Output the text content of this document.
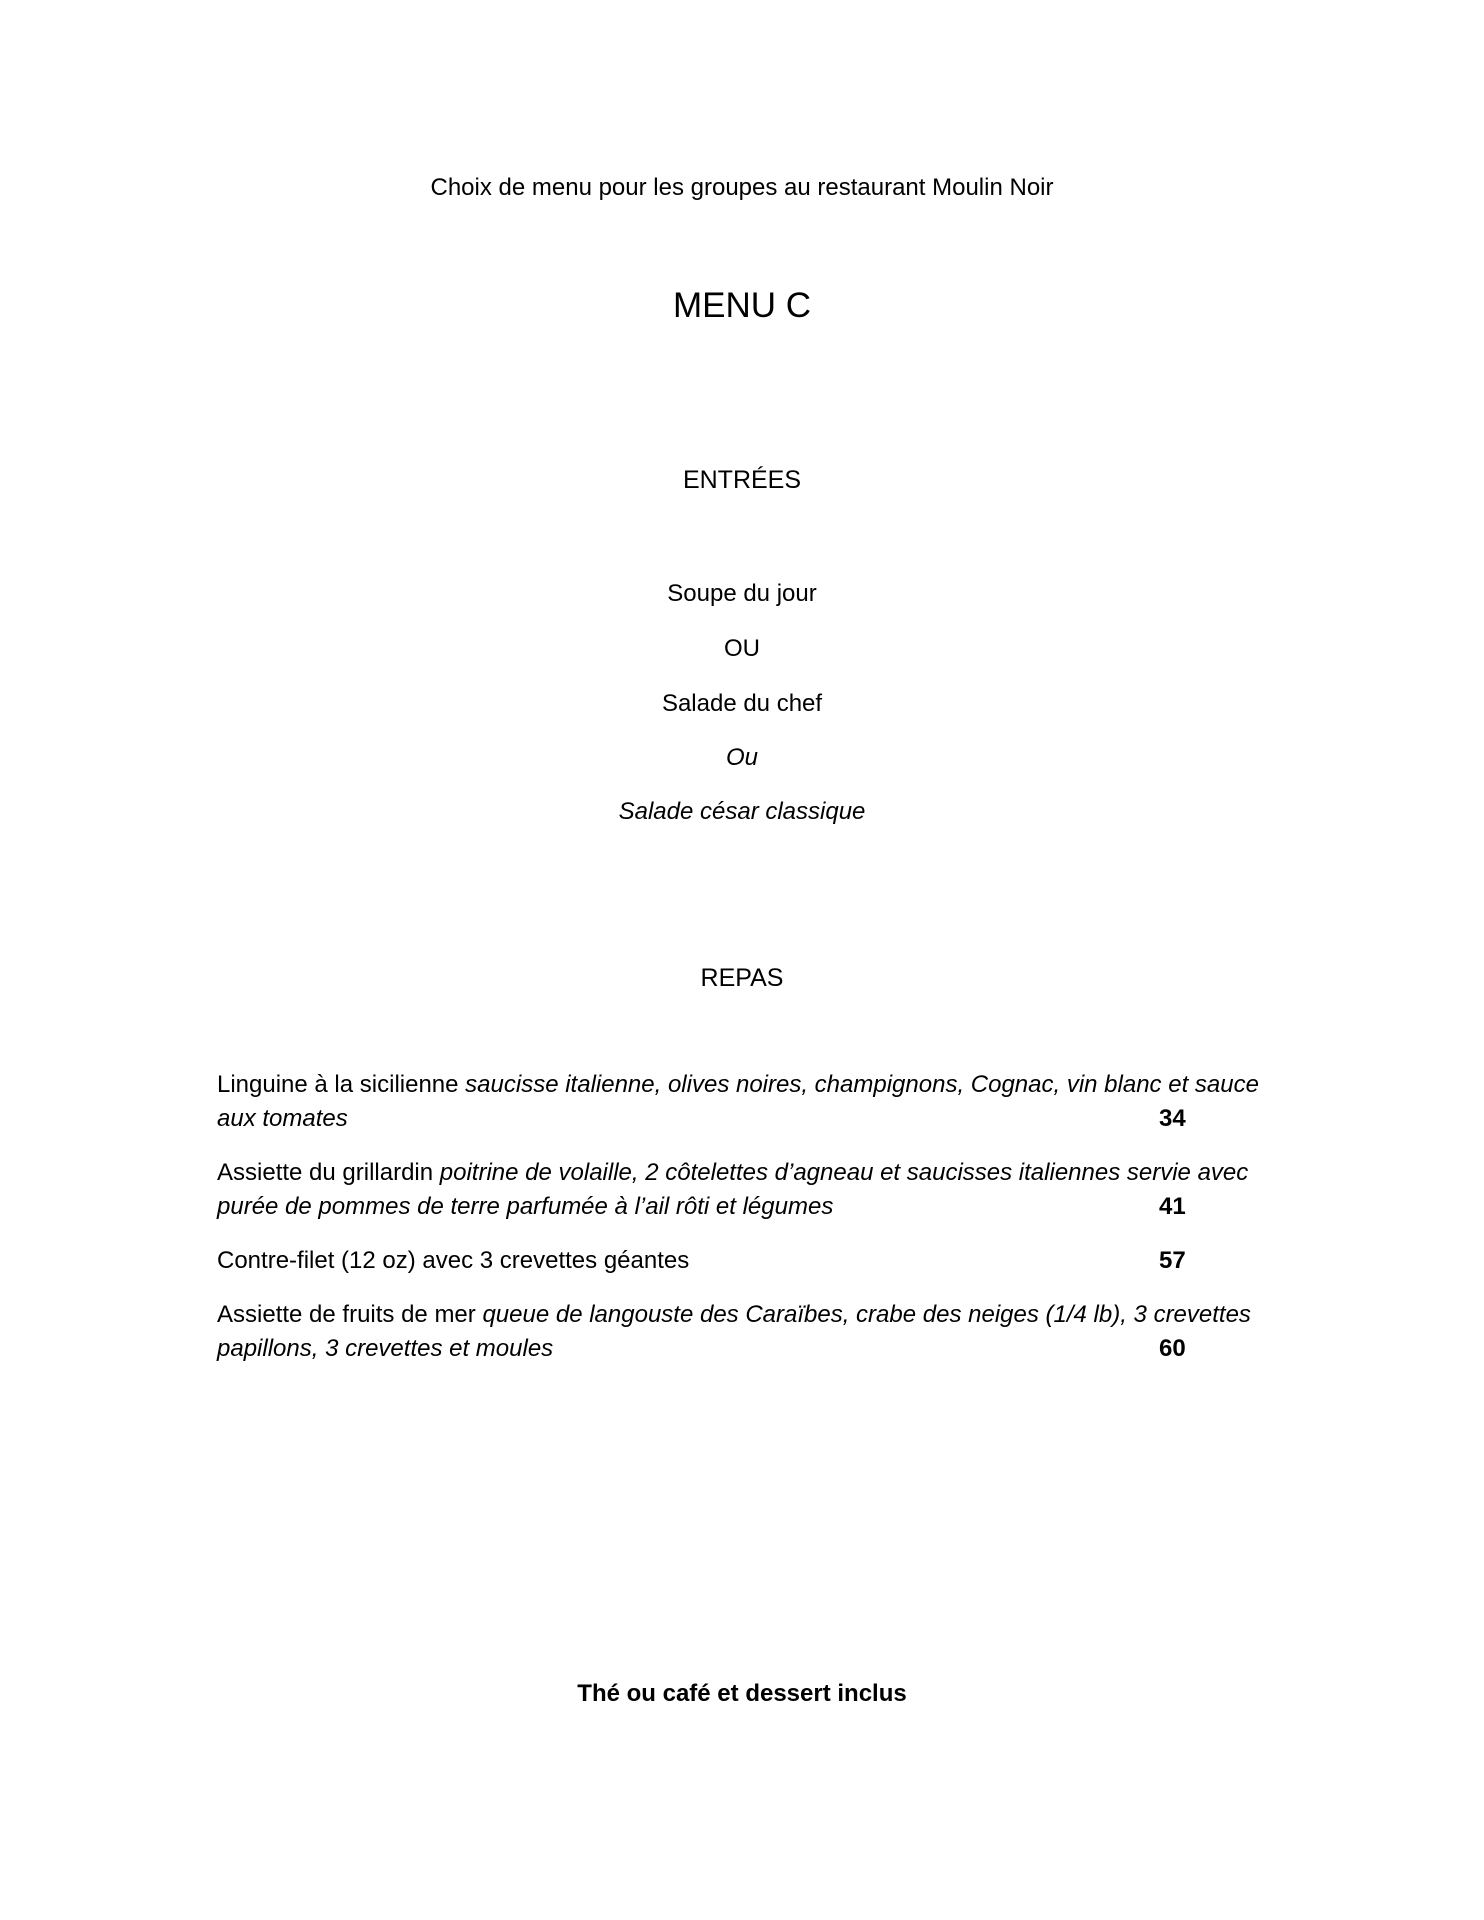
Choix de menu pour les groupes au restaurant Moulin Noir
MENU C
ENTRÉES
Soupe du jour
OU
Salade du chef
Ou
Salade césar classique
REPAS
Linguine à la sicilienne saucisse italienne, olives noires, champignons, Cognac, vin blanc et sauce aux tomates	34
Assiette du grillardin poitrine de volaille, 2 côtelettes d’agneau et saucisses italiennes servie avec purée de pommes de terre parfumée à l’ail rôti et légumes	41
Contre-filet (12 oz) avec 3 crevettes géantes	57
Assiette de fruits de mer queue de langouste des Caraïbes, crabe des neiges (1/4 lb), 3 crevettes papillons, 3 crevettes et moules	60
Thé ou café et dessert inclus
